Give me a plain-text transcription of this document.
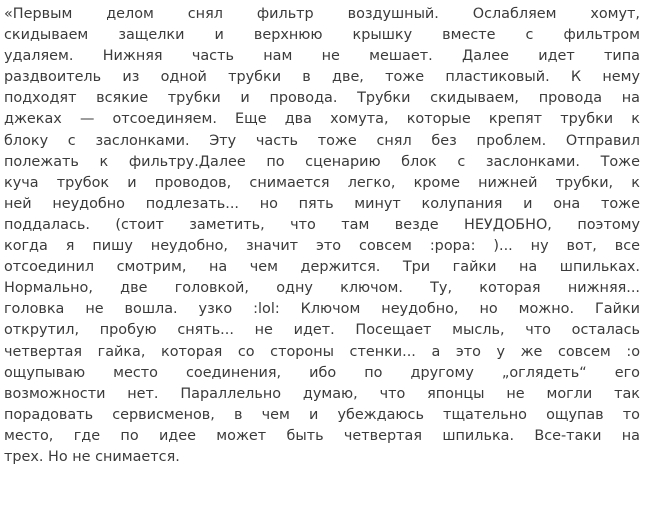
«Первым делом снял фильтр воздушный. Ослабляем хомут,
скидываем защелки и верхнюю крышку вместе с фильтром
удаляем. Нижняя часть нам не мешает. Далее идет типа
раздвоитель из одной трубки в две, тоже пластиковый. К нему
подходят всякие трубки и провода. Трубки скидываем, провода на
джеках — отсоединяем. Еще два хомута, которые крепят трубки к
блоку с заслонками. Эту часть тоже снял без проблем. Отправил
полежать к фильтру.Далее по сценарию блок с заслонками. Тоже
куча трубок и проводов, снимается легко, кроме нижней трубки, к
ней неудобно подлезать... но пять минут колупания и она тоже
поддалась. (стоит заметить, что там везде НЕУДОБНО, поэтому
когда я пишу неудобно, значит это совсем :popa: )... ну вот, все
отсоединил смотрим, на чем держится. Три гайки на шпильках.
Нормально, две головкой, одну ключом. Ту, которая нижняя...
головка не вошла. узко :lol: Ключом неудобно, но можно. Гайки
открутил, пробую снять... не идет. Посещает мысль, что осталась
четвертая гайка, которая со стороны стенки... а это у же совсем :о
ощупываю место соединения, ибо по другому „оглядеть“ его
возможности нет. Параллельно думаю, что японцы не могли так
порадовать сервисменов, в чем и убеждаюсь тщательно ощупав то
место, где по идее может быть четвертая шпилька. Все-таки на
трех. Но не снимается.
